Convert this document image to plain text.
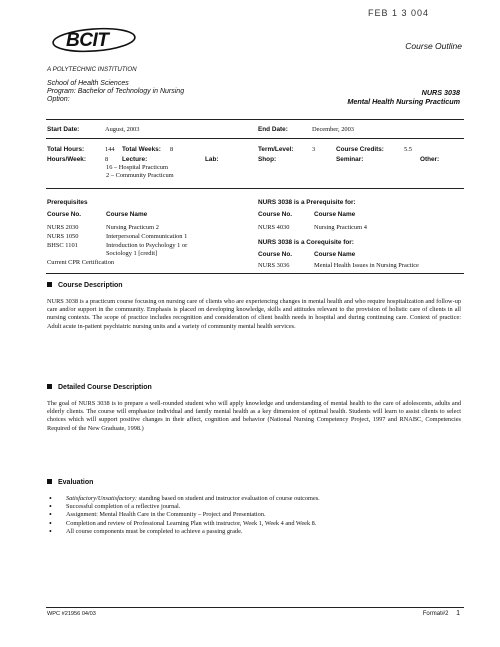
FEB 1 3 004
BCIT	Course Outline
A POLYTECHNIC INSTITUTION
School of Health Sciences
Program: Bachelor of Technology in Nursing
Option:
NURS 3038
Mental Health Nursing Practicum
Start Date:	August, 2003	End Date:	December, 2003
Total Hours:	144 Total Weeks: 8	Term/Level:	3	Course Credits:	5.5
Hours/Week:	8 Lecture:	Lab:	Shop:	Seminar:	Other:
16 – Hospital Practicum
2 – Community Practicum
Prerequisites
Course No.	Course Name
NURS 2030	Nursing Practicum 2
NURS 1050	Interpersonal Communication 1
BHSC 1101	Introduction to Psychology 1 or
Sociology 1 [credit]
Current CPR Certification
NURS 3038 is a Prerequisite for:
Course No.	Course Name
NURS 4030	Nursing Practicum 4
NURS 3038 is a Corequisite for:
Course No.	Course Name
NURS 3036	Mental Health Issues in Nursing Practice
Course Description
NURS 3038 is a practicum course focusing on nursing care of clients who are experiencing changes in mental health and who require hospitalization and follow-up care and/or support in the community. Emphasis is placed on developing knowledge, skills and attitudes relevant to the provision of holistic care of clients in all nursing contexts. The scope of practice includes recognition and consideration of client health needs in hospital and during continuing care. Context of practice: Adult acute in-patient psychiatric nursing units and a variety of community mental health services.
Detailed Course Description
The goal of NURS 3038 is to prepare a well-rounded student who will apply knowledge and understanding of mental health to the care of adolescents, adults and elderly clients. The course will emphasize individual and family mental health as a key dimension of optimal health. Students will learn to assist clients to select choices which will support positive changes in their affect, cognition and behavior (National Nursing Competency Project, 1997 and RNABC, Competencies Required of the New Graduate, 1998.)
Evaluation
• Satisfactory/Unsatisfactory: standing based on student and instructor evaluation of course outcomes.
• Successful completion of a reflective journal.
• Assignment: Mental Health Care in the Community – Project and Presentation.
• Completion and review of Professional Learning Plan with instructor, Week 1, Week 4 and Week 8.
• All course components must be completed to achieve a passing grade.
WPC #21956 04/03	Format#2 1
